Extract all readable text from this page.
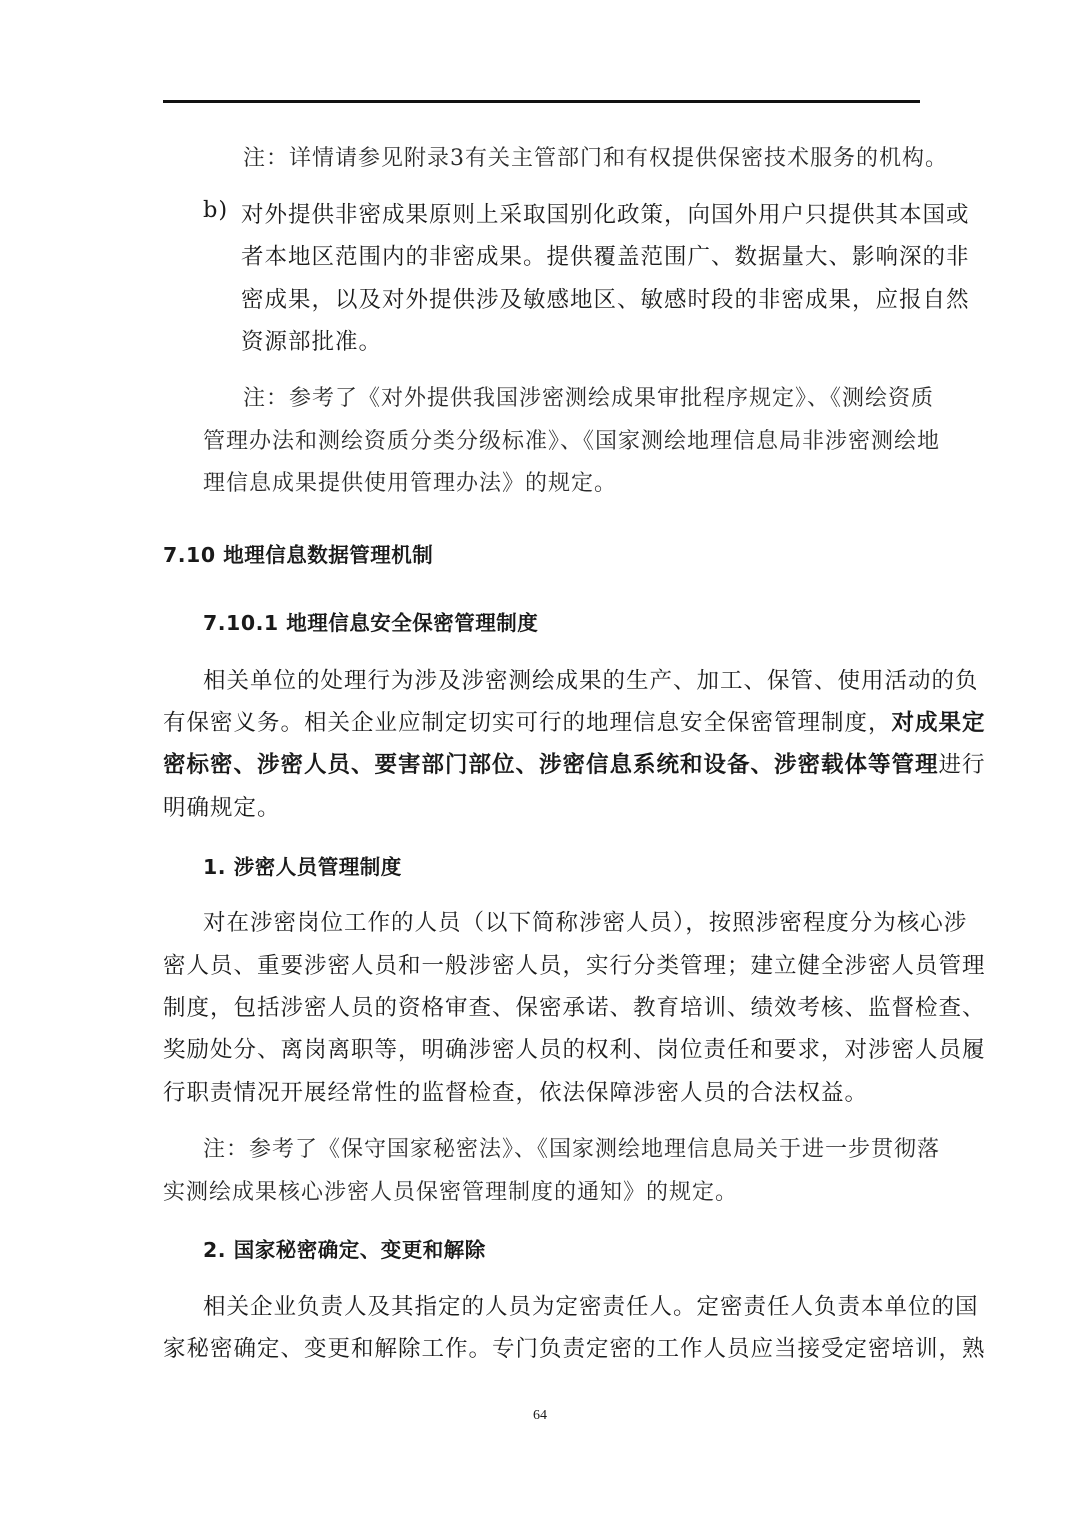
注：详情请参见附录3有关主管部门和有权提供保密技术服务的机构。
b) 对外提供非密成果原则上采取国别化政策，向国外用户只提供其本国或
者本地区范围内的非密成果。提供覆盖范围广、数据量大、影响深的非
密成果，以及对外提供涉及敏感地区、敏感时段的非密成果，应报自然
资源部批准。
注：参考了《对外提供我国涉密测绘成果审批程序规定》、《测绘资质
管理办法和测绘资质分类分级标准》、《国家测绘地理信息局非涉密测绘地
理信息成果提供使用管理办法》的规定。
7.10 地理信息数据管理机制
7.10.1 地理信息安全保密管理制度
相关单位的处理行为涉及涉密测绘成果的生产、加工、保管、使用活动的负
有保密义务。相关企业应制定切实可行的地理信息安全保密管理制度，对成果定
密标密、涉密人员、要害部门部位、涉密信息系统和设备、涉密载体等管理进行
明确规定。
1. 涉密人员管理制度
对在涉密岗位工作的人员（以下简称涉密人员），按照涉密程度分为核心涉
密人员、重要涉密人员和一般涉密人员，实行分类管理；建立健全涉密人员管理
制度，包括涉密人员的资格审查、保密承诺、教育培训、绩效考核、监督检查、
奖励处分、离岗离职等，明确涉密人员的权利、岗位责任和要求，对涉密人员履
行职责情况开展经常性的监督检查，依法保障涉密人员的合法权益。
注：参考了《保守国家秘密法》、《国家测绘地理信息局关于进一步贯彻落
实测绘成果核心涉密人员保密管理制度的通知》的规定。
2. 国家秘密确定、变更和解除
相关企业负责人及其指定的人员为定密责任人。定密责任人负责本单位的国
家秘密确定、变更和解除工作。专门负责定密的工作人员应当接受定密培训，熟
64
